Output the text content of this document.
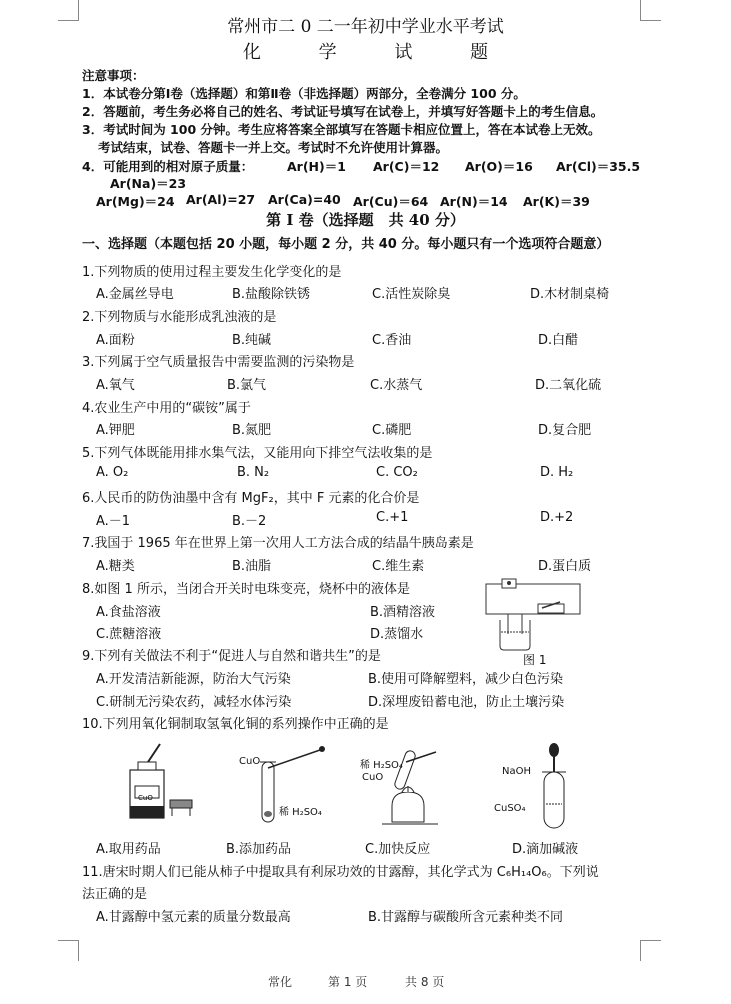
常州市二 0 二一年初中学业水平考试
化 学 试 题
注意事项：
1．本试卷分第Ⅰ卷（选择题）和第Ⅱ卷（非选择题）两部分，全卷满分 100 分。
2．答题前，考生务必将自己的姓名、考试证号填写在试卷上，并填写好答题卡上的考生信息。
3．考试时间为 100 分钟。考生应将答案全部填写在答题卡相应位置上，答在本试卷上无效。
考试结束，试卷、答题卡一并上交。考试时不允许使用计算器。
4．可能用到的相对原子质量：	Ar(H)＝1 Ar(C)＝12 Ar(O)＝16 Ar(Cl)＝35.5
Ar(Na)＝23
Ar(Mg)＝24 Ar(Al)=27 Ar(Ca)=40 Ar(Cu)＝64 Ar(N)＝14 Ar(K)＝39
第 Ⅰ 卷（选择题　共 40 分）
一、选择题（本题包括 20 小题，每小题 2 分，共 40 分。每小题只有一个选项符合题意）
1.下列物质的使用过程主要发生化学变化的是
A.金属丝导电	B.盐酸除铁锈	C.活性炭除臭	D.木材制桌椅
2.下列物质与水能形成乳浊液的是
A.面粉	B.纯碱	C.香油	D.白醋
3.下列属于空气质量报告中需要监测的污染物是
A.氧气	B.氯气	C.水蒸气	D.二氧化硫
4.农业生产中用的“碳铵”属于
A.钾肥	B.氮肥	C.磷肥	D.复合肥
5.下列气体既能用排水集气法，又能用向下排空气法收集的是
A. O₂	B. N₂	C. CO₂	D. H₂
6.人民币的防伪油墨中含有 MgF₂，其中 F 元素的化合价是
A.－1	B.－2	C.+1	D.+2
7.我国于 1965 年在世界上第一次用人工方法合成的结晶牛胰岛素是
A.糖类	B.油脂	C.维生素	D.蛋白质
8.如图 1 所示，当闭合开关时电珠变亮，烧杯中的液体是
A.食盐溶液	B.酒精溶液
C.蔗糖溶液	D.蒸馏水
图 1
9.下列有关做法不利于“促进人与自然和谐共生”的是
A.开发清洁新能源，防治大气污染	B.使用可降解塑料，减少白色污染
C.研制无污染农药，减轻水体污染	D.深埋废铅蓄电池，防止土壤污染
10.下列用氧化铜制取氢氧化铜的系列操作中正确的是
CuO
CuO
稀 H₂SO₄
稀 H₂SO₄
CuO
NaOH
CuSO₄
A.取用药品	B.添加药品	C.加快反应	D.滴加碱液
11.唐宋时期人们已能从柿子中提取具有利尿功效的甘露醇，其化学式为 C₆H₁₄O₆。下列说
法正确的是
A.甘露醇中氢元素的质量分数最高	B.甘露醇与碳酸所含元素种类不同
常化	第 1 页	共 8 页
